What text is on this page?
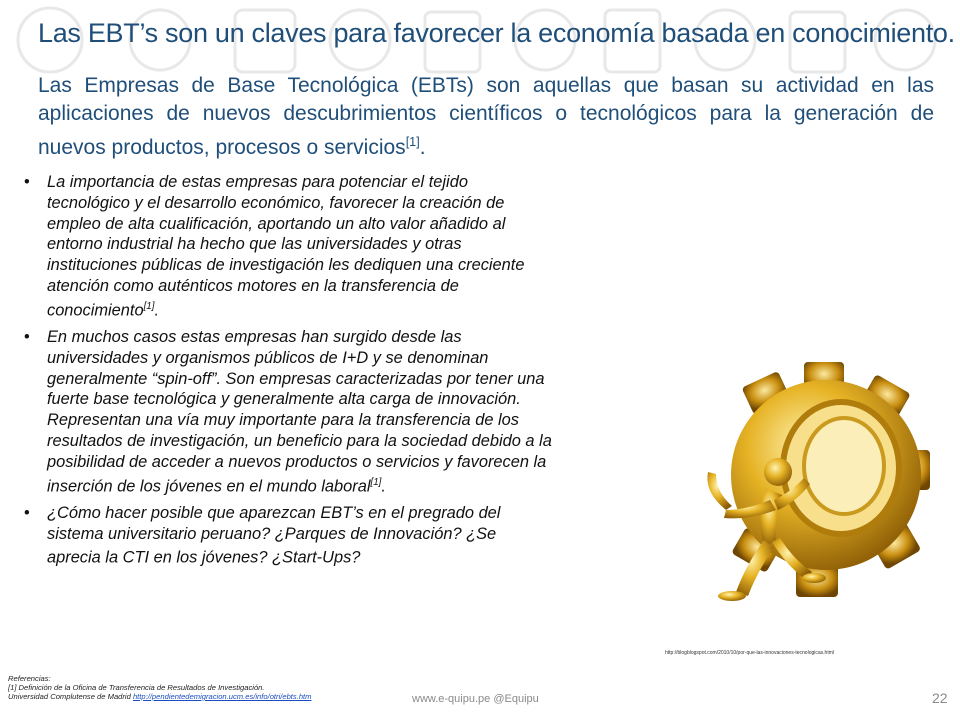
Las EBT’s son un claves para favorecer la economía basada en conocimiento.

Las Empresas de Base Tecnológica (EBTs) son aquellas que basan su actividad en las aplicaciones de nuevos descubrimientos científicos o tecnológicos para la generación de nuevos productos, procesos o servicios[1].

• La importancia de estas empresas para potenciar el tejido tecnológico y el desarrollo económico, favorecer la creación de empleo de alta cualificación, aportando un alto valor añadido al entorno industrial ha hecho que las universidades y otras instituciones públicas de investigación les dediquen una creciente atención como auténticos motores en la transferencia de conocimiento[1].
• En muchos casos estas empresas han surgido desde las universidades y organismos públicos de I+D y se denominan generalmente “spin-off”. Son empresas caracterizadas por tener una fuerte base tecnológica y generalmente alta carga de innovación. Representan una vía muy importante para la transferencia de los resultados de investigación, un beneficio para la sociedad debido a la posibilidad de acceder a nuevos productos o servicios y favorecen la inserción de los jóvenes en el mundo laboral[1].
• ¿Cómo hacer posible que aparezcan EBT’s en el pregrado del sistema universitario peruano? ¿Parques de Innovación? ¿Se aprecia la CTI en los jóvenes? ¿Start-Ups?
http://blogblogspot.com/2010/10/por-que-las-innovaciones-tecnologicas.html
Referencias:
[1] Definición de la Oficina de Transferencia de Resultados de Investigación.
Universidad Complutense de Madrid http://pendientedemigracion.ucm.es/info/otri/ebts.htm	www.e-quipu.pe @Equipu	22
